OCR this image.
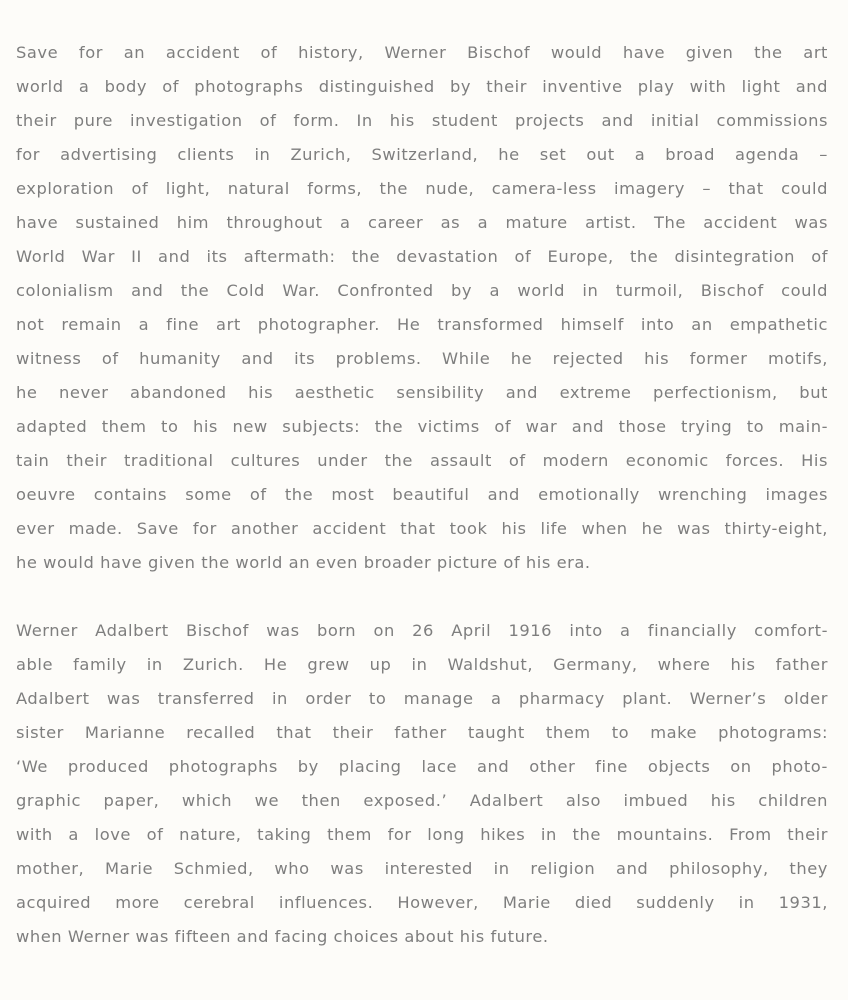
Save for an accident of history, Werner Bischof would have given the art
world a body of photographs distinguished by their inventive play with light and
their pure investigation of form. In his student projects and initial commissions
for advertising clients in Zurich, Switzerland, he set out a broad agenda –
exploration of light, natural forms, the nude, camera-less imagery – that could
have sustained him throughout a career as a mature artist. The accident was
World War II and its aftermath: the devastation of Europe, the disintegration of
colonialism and the Cold War. Confronted by a world in turmoil, Bischof could
not remain a fine art photographer. He transformed himself into an empathetic
witness of humanity and its problems. While he rejected his former motifs,
he never abandoned his aesthetic sensibility and extreme perfectionism, but
adapted them to his new subjects: the victims of war and those trying to main-
tain their traditional cultures under the assault of modern economic forces. His
oeuvre contains some of the most beautiful and emotionally wrenching images
ever made. Save for another accident that took his life when he was thirty-eight,
he would have given the world an even broader picture of his era.

Werner Adalbert Bischof was born on 26 April 1916 into a financially comfort-
able family in Zurich. He grew up in Waldshut, Germany, where his father
Adalbert was transferred in order to manage a pharmacy plant. Werner’s older
sister Marianne recalled that their father taught them to make photograms:
‘We produced photographs by placing lace and other fine objects on photo-
graphic paper, which we then exposed.’ Adalbert also imbued his children
with a love of nature, taking them for long hikes in the mountains. From their
mother, Marie Schmied, who was interested in religion and philosophy, they
acquired more cerebral influences. However, Marie died suddenly in 1931,
when Werner was fifteen and facing choices about his future.
